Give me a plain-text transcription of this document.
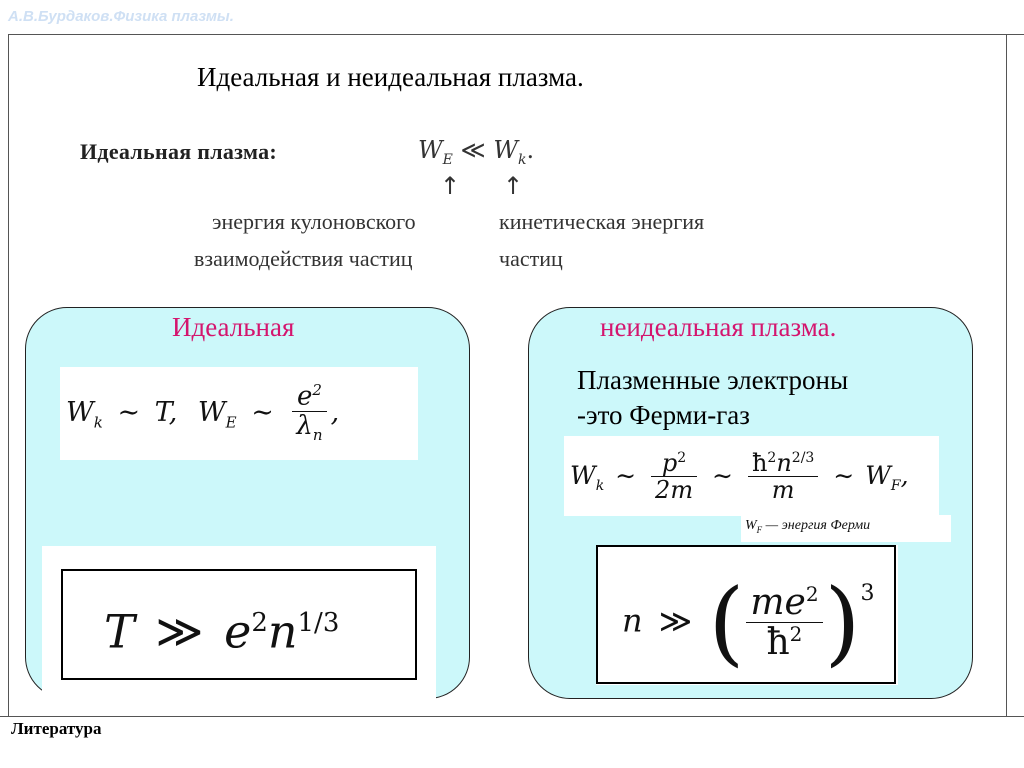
А.В.Бурдаков.Физика плазмы.
Идеальная и неидеальная плазма.
Идеальная плазма:	$W_E$ ≪ $W_k$.
↑ ↑
энергия кулоновского
взаимодействия частиц
кинетическая энергия
частиц
Идеальная
$W_k$ ∼ T, $W_E$ ∼ $\frac{e^2}{\lambda_n}$ ,
T ≫ $e^2n^{1/3}$
неидеальная плазма.
Плазменные электроны
-это Ферми-газ
$W_k$ ∼ $\frac{p^2}{2m}$ ∼ $\frac{ħ^2n^{2/3}}{m}$ ∼ $W_F$,
$W_F$ — энергия Ферми
n ≫ ( $\frac{me^2}{ħ^2} )^3$
Литература
